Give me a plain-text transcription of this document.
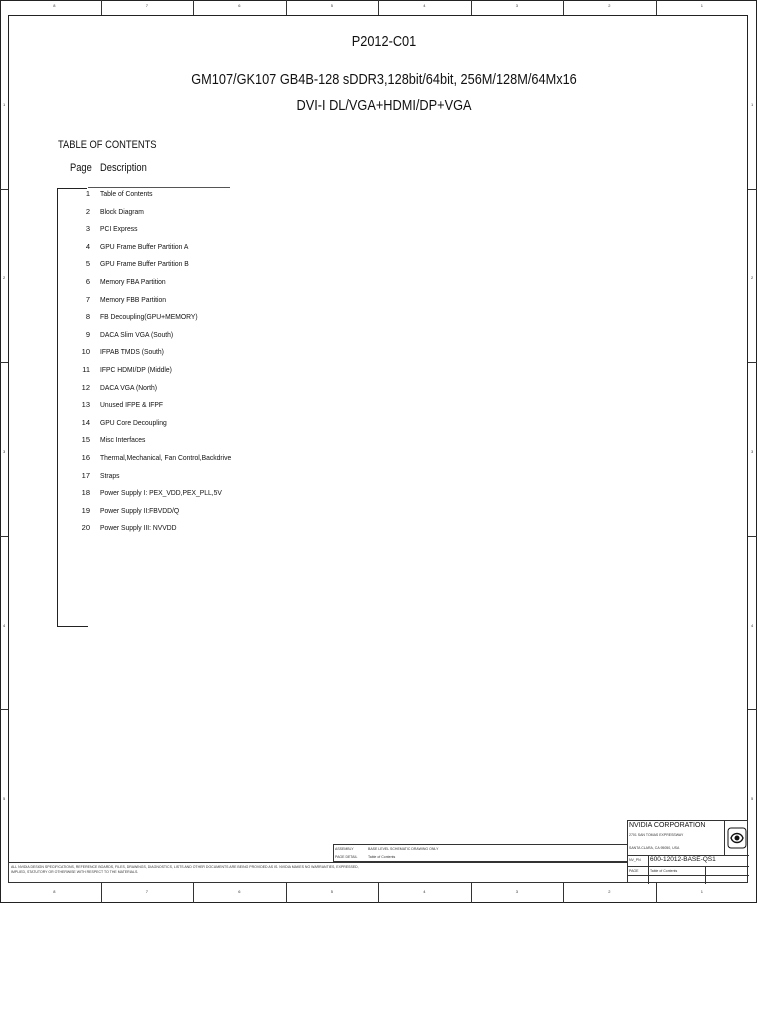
8
8
7
7
6
6
5
5
4
4
3
3
2
2
1
1
1	1
2	2
3	3
4	4
5	5
P2012-C01
GM107/GK107 GB4B-128 sDDR3,128bit/64bit, 256M/128M/64Mx16
DVI-I DL/VGA+HDMI/DP+VGA
TABLE OF CONTENTS
Page Description
1 Table of Contents
2 Block Diagram
3 PCI Express
4 GPU Frame Buffer Partition A
5 GPU Frame Buffer Partition B
6 Memory FBA Partition
7 Memory FBB Partition
8 FB Decoupling(GPU+MEMORY)
9 DACA Slim VGA (South)
10 IFPAB TMDS (South)
11 IFPC HDMI/DP (Middle)
12 DACA VGA (North)
13 Unused IFPE & IFPF
14 GPU Core Decoupling
15 Misc Interfaces
16 Thermal,Mechanical, Fan Control,Backdrive
17 Straps
18 Power Supply I: PEX_VDD,PEX_PLL,5V
19 Power Supply II:FBVDD/Q
20 Power Supply III: NVVDD
ASSEMBLY	BASE LEVEL SCHEMATIC DRAWING ONLY
PAGE DETAIL	Table of Contents
ALL NVIDIA DESIGN SPECIFICATIONS, REFERENCE BOARDS, FILES, DRAWINGS, DIAGNOSTICS, LISTS AND OTHER DOCUMENTS ARE BEING PROVIDED AS IS. NVIDIA MAKES NO WARRANTIES, EXPRESSED, IMPLIED, STATUTORY OR OTHERWISE WITH RESPECT TO THE MATERIALS.
NVIDIA CORPORATION
2701 SAN TOMAS EXPRESSWAY
SANTA CLARA, CA 95050, USA
NV_PN 600-12012-BASE-QS1
PAGE	Table of Contents
